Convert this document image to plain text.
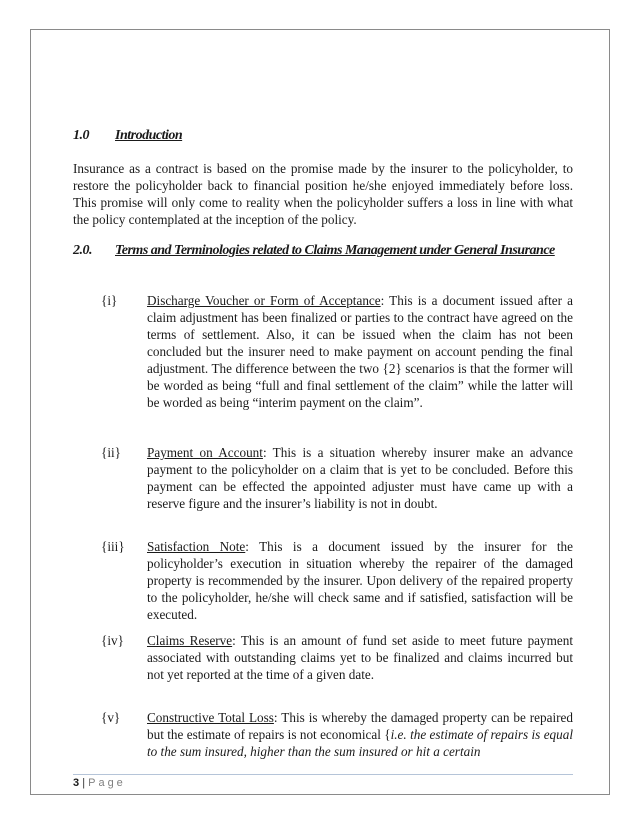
1.0 Introduction
Insurance as a contract is based on the promise made by the insurer to the policyholder, to restore the policyholder back to financial position he/she enjoyed immediately before loss. This promise will only come to reality when the policyholder suffers a loss in line with what the policy contemplated at the inception of the policy.
2.0. Terms and Terminologies related to Claims Management under General Insurance
{i} Discharge Voucher or Form of Acceptance: This is a document issued after a claim adjustment has been finalized or parties to the contract have agreed on the terms of settlement. Also, it can be issued when the claim has not been concluded but the insurer need to make payment on account pending the final adjustment. The difference between the two {2} scenarios is that the former will be worded as being “full and final settlement of the claim” while the latter will be worded as being “interim payment on the claim”.
{ii} Payment on Account: This is a situation whereby insurer make an advance payment to the policyholder on a claim that is yet to be concluded. Before this payment can be effected the appointed adjuster must have came up with a reserve figure and the insurer’s liability is not in doubt.
{iii} Satisfaction Note: This is a document issued by the insurer for the policyholder’s execution in situation whereby the repairer of the damaged property is recommended by the insurer. Upon delivery of the repaired property to the policyholder, he/she will check same and if satisfied, satisfaction will be executed.
{iv} Claims Reserve: This is an amount of fund set aside to meet future payment associated with outstanding claims yet to be finalized and claims incurred but not yet reported at the time of a given date.
{v} Constructive Total Loss: This is whereby the damaged property can be repaired but the estimate of repairs is not economical {i.e. the estimate of repairs is equal to the sum insured, higher than the sum insured or hit a certain
3 | Page
